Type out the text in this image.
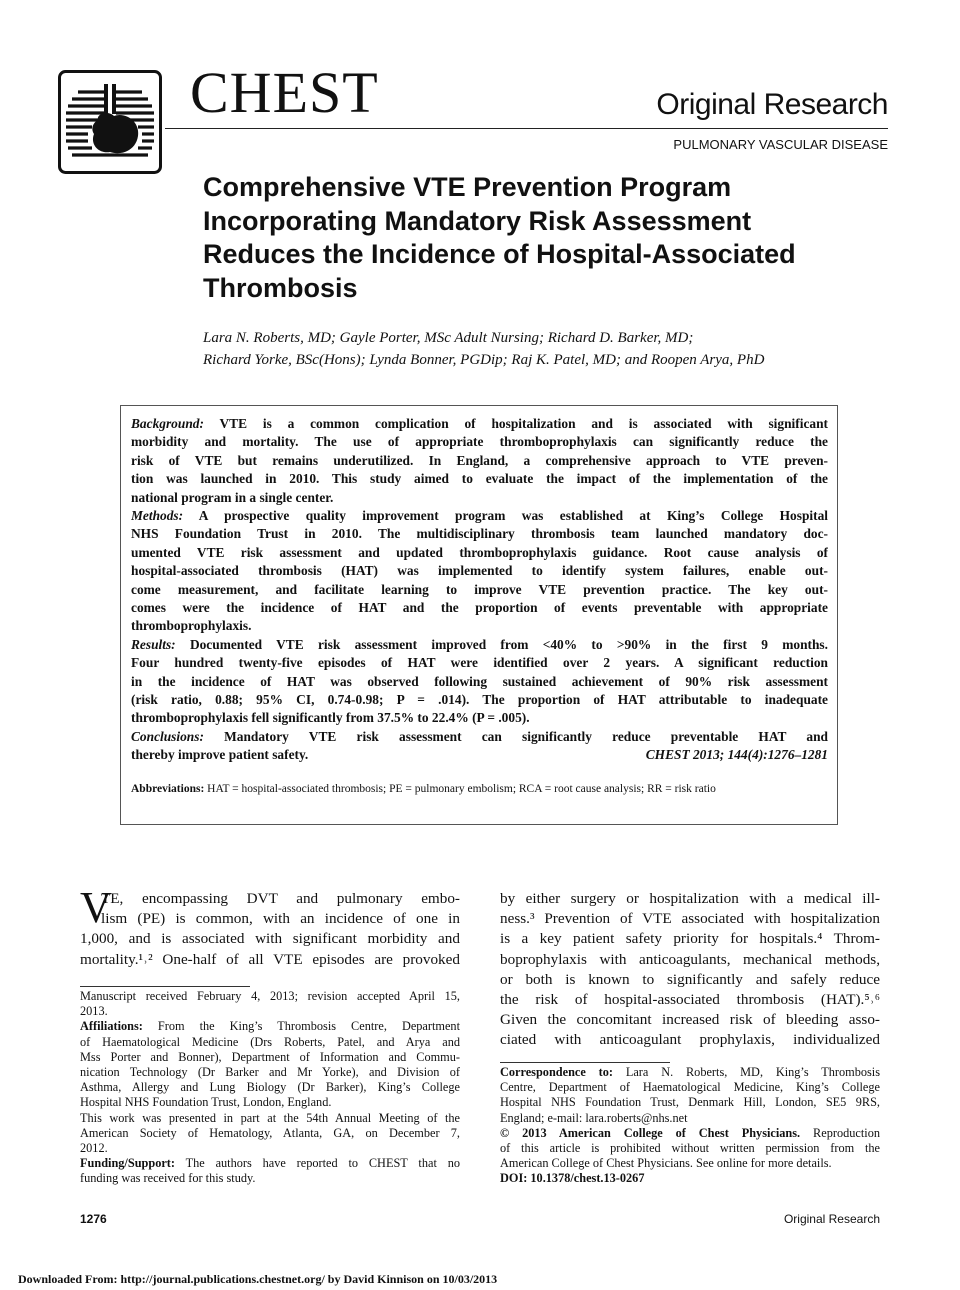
CHEST	Original Research
PULMONARY VASCULAR DISEASE
Comprehensive VTE Prevention Program Incorporating Mandatory Risk Assessment Reduces the Incidence of Hospital-Associated Thrombosis
Lara N. Roberts, MD; Gayle Porter, MSc Adult Nursing; Richard D. Barker, MD;
Richard Yorke, BSc(Hons); Lynda Bonner, PGDip; Raj K. Patel, MD; and Roopen Arya, PhD
Background: VTE is a common complication of hospitalization and is associated with significant
morbidity and mortality. The use of appropriate thromboprophylaxis can significantly reduce the
risk of VTE but remains underutilized. In England, a comprehensive approach to VTE preven-
tion was launched in 2010. This study aimed to evaluate the impact of the implementation of the
national program in a single center.
Methods: A prospective quality improvement program was established at King’s College Hospital
NHS Foundation Trust in 2010. The multidisciplinary thrombosis team launched mandatory doc-
umented VTE risk assessment and updated thromboprophylaxis guidance. Root cause analysis of
hospital-associated thrombosis (HAT) was implemented to identify system failures, enable out-
come measurement, and facilitate learning to improve VTE prevention practice. The key out-
comes were the incidence of HAT and the proportion of events preventable with appropriate
thromboprophylaxis.
Results: Documented VTE risk assessment improved from <40% to >90% in the first 9 months.
Four hundred twenty-five episodes of HAT were identified over 2 years. A significant reduction
in the incidence of HAT was observed following sustained achievement of 90% risk assessment
(risk ratio, 0.88; 95% CI, 0.74-0.98; P = .014). The proportion of HAT attributable to inadequate
thromboprophylaxis fell significantly from 37.5% to 22.4% (P = .005).
Conclusions: Mandatory VTE risk assessment can significantly reduce preventable HAT and
thereby improve patient safety.	CHEST 2013; 144(4):1276–1281
Abbreviations: HAT = hospital-associated thrombosis; PE = pulmonary embolism; RCA = root cause analysis; RR = risk ratio
V
TE, encompassing DVT and pulmonary embo-
lism (PE) is common, with an incidence of one in
1,000, and is associated with significant morbidity and
mortality.¹˒² One-half of all VTE episodes are provoked
by either surgery or hospitalization with a medical ill-
ness.³ Prevention of VTE associated with hospitalization
is a key patient safety priority for hospitals.⁴ Throm-
boprophylaxis with anticoagulants, mechanical methods,
or both is known to significantly and safely reduce
the risk of hospital-associated thrombosis (HAT).⁵˒⁶
Given the concomitant increased risk of bleeding asso-
ciated with anticoagulant prophylaxis, individualized
Manuscript received February 4, 2013; revision accepted April 15,
2013.
Affiliations: From the King’s Thrombosis Centre, Department
of Haematological Medicine (Drs Roberts, Patel, and Arya and
Mss Porter and Bonner), Department of Information and Commu-
nication Technology (Dr Barker and Mr Yorke), and Division of
Asthma, Allergy and Lung Biology (Dr Barker), King’s College
Hospital NHS Foundation Trust, London, England.
This work was presented in part at the 54th Annual Meeting of the
American Society of Hematology, Atlanta, GA, on December 7,
2012.
Funding/Support: The authors have reported to CHEST that no
funding was received for this study.
Correspondence to: Lara N. Roberts, MD, King’s Thrombosis
Centre, Department of Haematological Medicine, King’s College
Hospital NHS Foundation Trust, Denmark Hill, London, SE5 9RS,
England; e-mail: lara.roberts@nhs.net
© 2013 American College of Chest Physicians. Reproduction
of this article is prohibited without written permission from the
American College of Chest Physicians. See online for more details.
DOI: 10.1378/chest.13-0267
1276	Original Research
Downloaded From: http://journal.publications.chestnet.org/ by David Kinnison on 10/03/2013
